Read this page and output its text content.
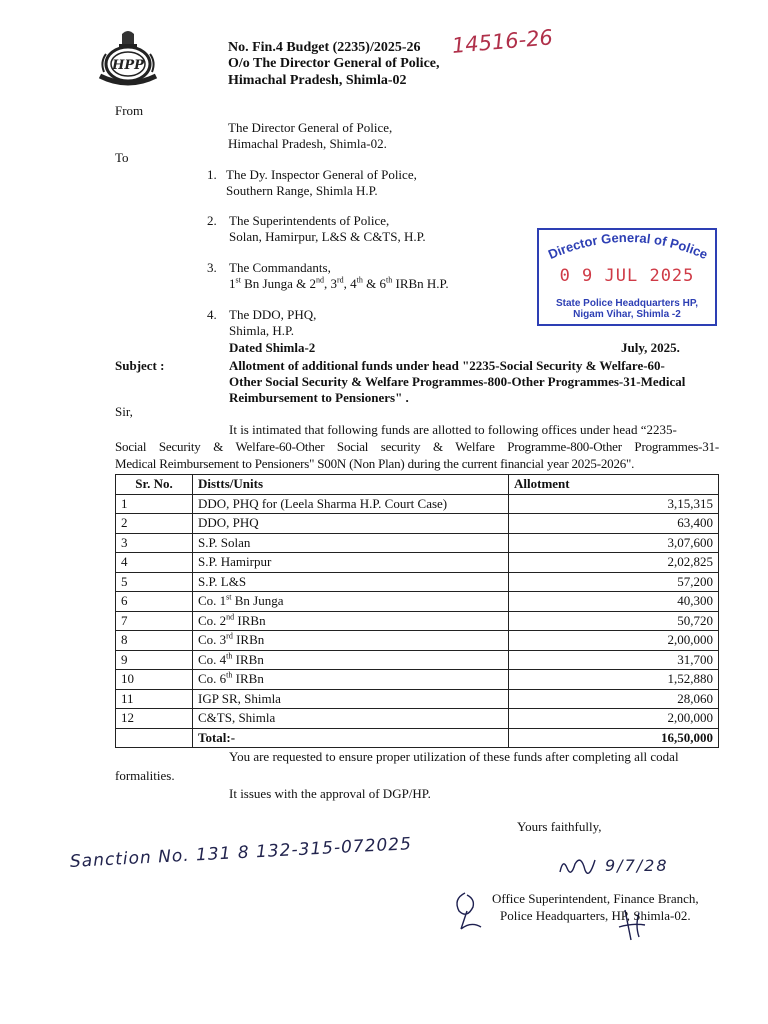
HPP
No. Fin.4 Budget (2235)/2025-26 14516-26
O/o The Director General of Police,
Himachal Pradesh, Shimla-02
From
The Director General of Police,
Himachal Pradesh, Shimla-02.
To
1. The Dy. Inspector General of Police,
Southern Range, Shimla H.P.
2. The Superintendents of Police,
Solan, Hamirpur, L&S & C&TS, H.P.
3. The Commandants,
1st Bn Junga & 2nd, 3rd, 4th & 6th IRBn H.P.
4. The DDO, PHQ,
Shimla, H.P.
Dated Shimla-2	July, 2025.
Director General of Police
0 9 JUL 2025
State Police Headquarters HP,
Nigam Vihar, Shimla -2
Subject :	Allotment of additional funds under head "2235-Social Security & Welfare-60-
Other Social Security & Welfare Programmes-800-Other Programmes-31-Medical
Reimbursement to Pensioners" .
Sir,
It is intimated that following funds are allotted to following offices under head “2235-
Social Security & Welfare-60-Other Social security & Welfare Programme-800-Other Programmes-31-
Medical Reimbursement to Pensioners" S00N (Non Plan) during the current financial year 2025-2026".
Sr. No.	Distts/Units	Allotment
1	DDO, PHQ for (Leela Sharma H.P. Court Case)	3,15,315
2	DDO, PHQ	63,400
3	S.P. Solan	3,07,600
4	S.P. Hamirpur	2,02,825
5	S.P. L&S	57,200
6	Co. 1st Bn Junga	40,300
7	Co. 2nd IRBn	50,720
8	Co. 3rd IRBn	2,00,000
9	Co. 4th IRBn	31,700
10	Co. 6th IRBn	1,52,880
11	IGP SR, Shimla	28,060
12	C&TS, Shimla	2,00,000
	Total:-	16,50,000
You are requested to ensure proper utilization of these funds after completing all codal
formalities.
It issues with the approval of DGP/HP.
Yours faithfully,
Sanction No. 131 8 132-315-072025	9/7/28
Office Superintendent, Finance Branch,
Police Headquarters, HP, Shimla-02.
